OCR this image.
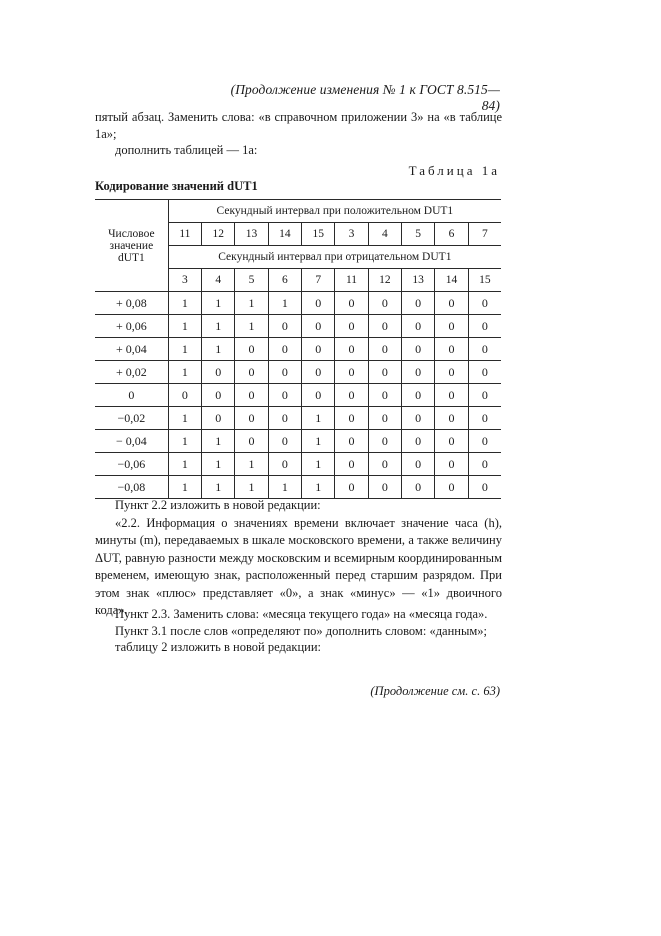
(Продолжение изменения № 1 к ГОСТ 8.515—84)
пятый абзац. Заменить слова: «в справочном приложении 3» на «в таблице 1а»;
дополнить таблицей — 1а:
Таблица 1а
Кодирование значений dUT1
Числовое значение dUT1	Секундный интервал при положительном DUT1									
	11	12	13	14	15	3	4	5	6	7
	Секундный интервал при отрицательном DUT1									
	3	4	5	6	7	11	12	13	14	15
+ 0,08	1	1	1	1	0	0	0	0	0	0
+ 0,06	1	1	1	0	0	0	0	0	0	0
+ 0,04	1	1	0	0	0	0	0	0	0	0
+ 0,02	1	0	0	0	0	0	0	0	0	0
0	0	0	0	0	0	0	0	0	0	0
−0,02	1	0	0	0	1	0	0	0	0	0
− 0,04	1	1	0	0	1	0	0	0	0	0
−0,06	1	1	1	0	1	0	0	0	0	0
−0,08	1	1	1	1	1	0	0	0	0	0
Пункт 2.2 изложить в новой редакции:
«2.2. Информация о значениях времени включает значение часа (h), минуты (m), передаваемых в шкале московского времени, а также величину ΔUT, равную разности между московским и всемирным координированным временем, имеющую знак, расположенный перед старшим разрядом. При этом знак «плюс» представляет «0», а знак «минус» — «1» двоичного кода».
Пункт 2.3. Заменить слова: «месяца текущего года» на «месяца года».
Пункт 3.1 после слов «определяют по» дополнить словом: «данным»;
таблицу 2 изложить в новой редакции:
(Продолжение см. с. 63)
